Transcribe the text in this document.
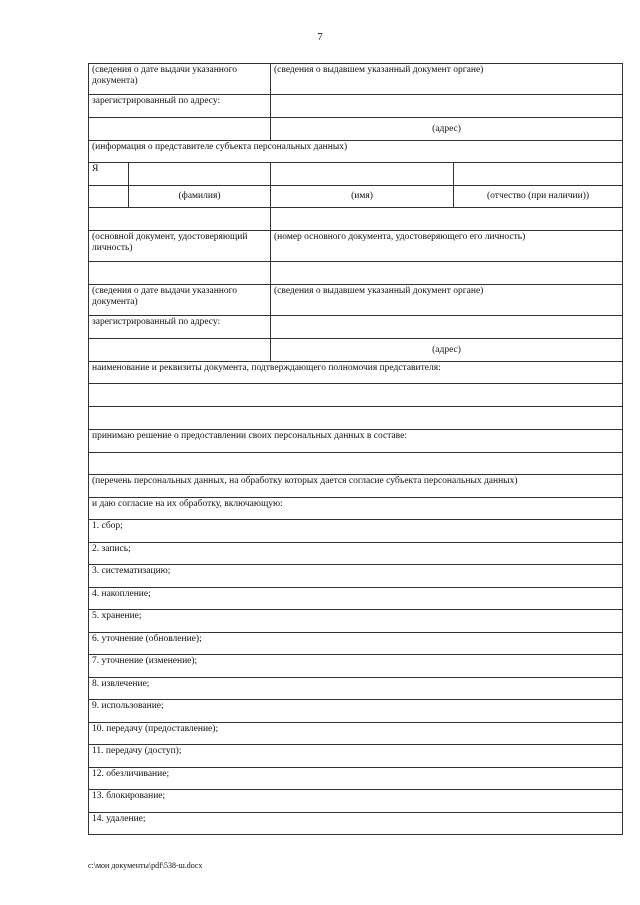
7
(сведения о дате выдачи указанного документа)		(сведения о выдавшем указанный документ органе)	
зарегистрированный по адресу:			
		(адрес)	
(информация о представителе субъекта персональных данных)			
Я			
	(фамилия)	(имя)	(отчество (при наличии))

(основной документ, удостоверяющий личность)		(номер основного документа, удостоверяющего его личность)	

(сведения о дате выдачи указанного документа)		(сведения о выдавшем указанный документ органе)	
зарегистрированный по адресу:			
		(адрес)	
наименование и реквизиты документа, подтверждающего полномочия представителя:			

принимаю решение о предоставлении своих персональных данных в составе:			

(перечень персональных данных, на обработку которых дается согласие субъекта персональных данных)			
и даю согласие на их обработку, включающую:			
1. сбор;			
2. запись;			
3. систематизацию;			
4. накопление;			
5. хранение;			
6. уточнение (обновление);			
7. уточнение (изменение);			
8. извлечение;			
9. использование;			
10. передачу (предоставление);			
11. передачу (доступ);			
12. обезличивание;			
13. блокирование;			
14. удаление;			
c:\мои документы\pdf\538-ш.docx
